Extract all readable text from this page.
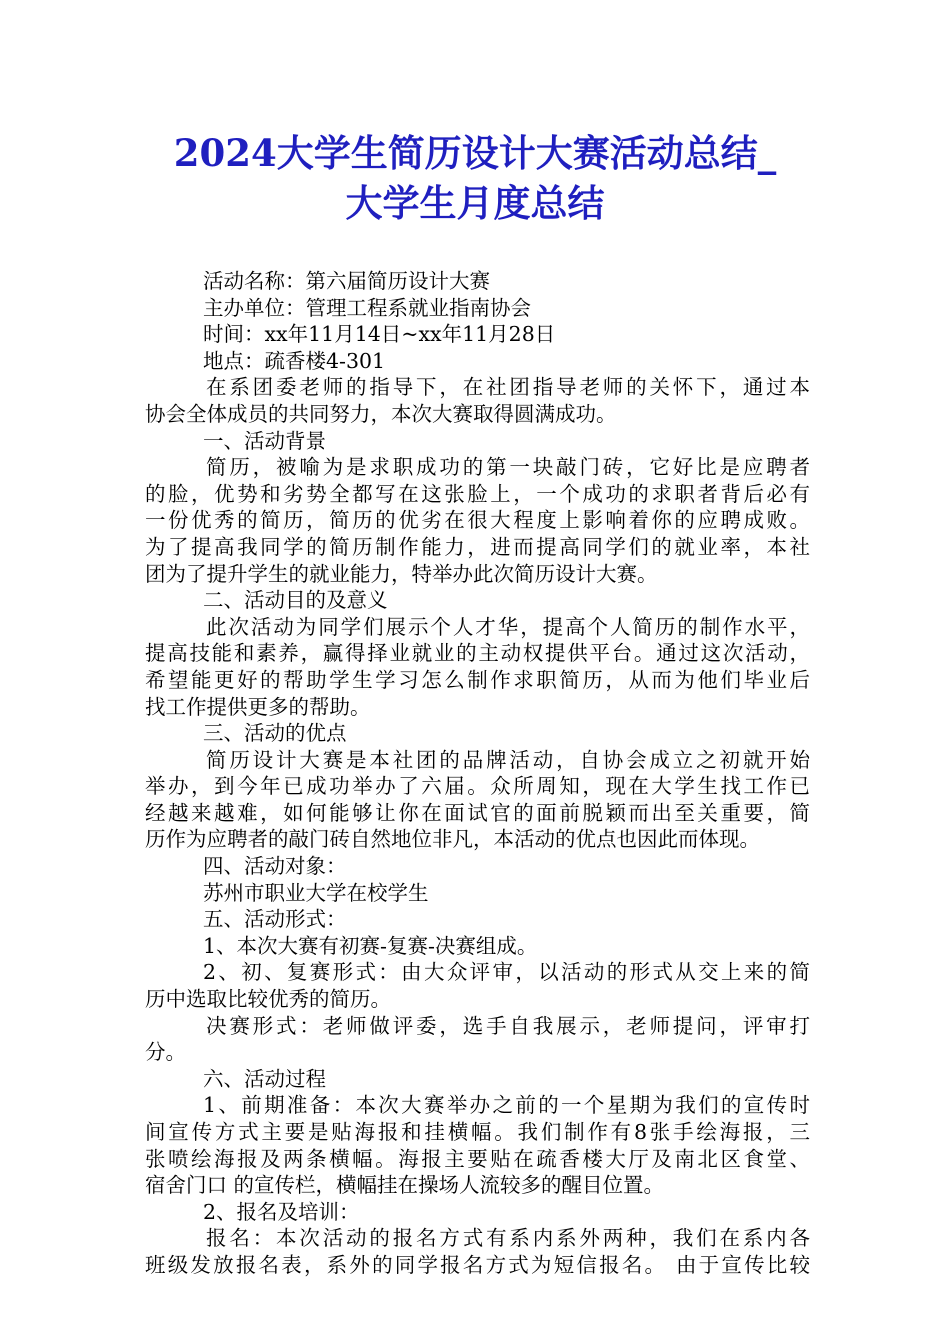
2024大学生简历设计大赛活动总结_
大学生月度总结
活动名称：第六届简历设计大赛
主办单位：管理工程系就业指南协会
时间：xx年11月14日~xx年11月28日
地点：疏香楼4-301
在系团委老师的指导下，在社团指导老师的关怀下，通过本
协会全体成员的共同努力，本次大赛取得圆满成功。
一、活动背景
简历，被喻为是求职成功的第一块敲门砖，它好比是应聘者
的脸，优势和劣势全都写在这张脸上，一个成功的求职者背后必有
一份优秀的简历，简历的优劣在很大程度上影响着你的应聘成败。
为了提高我同学的简历制作能力，进而提高同学们的就业率，本社
团为了提升学生的就业能力，特举办此次简历设计大赛。
二、活动目的及意义
此次活动为同学们展示个人才华，提高个人简历的制作水平，
提高技能和素养，赢得择业就业的主动权提供平台。通过这次活动，
希望能更好的帮助学生学习怎么制作求职简历，从而为他们毕业后
找工作提供更多的帮助。
三、活动的优点
简历设计大赛是本社团的品牌活动，自协会成立之初就开始
举办，到今年已成功举办了六届。众所周知，现在大学生找工作已
经越来越难，如何能够让你在面试官的面前脱颖而出至关重要，简
历作为应聘者的敲门砖自然地位非凡，本活动的优点也因此而体现。
四、活动对象：
苏州市职业大学在校学生
五、活动形式：
1、本次大赛有初赛-复赛-决赛组成。
2、初、复赛形式：由大众评审，以活动的形式从交上来的简
历中选取比较优秀的简历。
决赛形式：老师做评委，选手自我展示，老师提问，评审打
分。
六、活动过程
1、前期准备：本次大赛举办之前的一个星期为我们的宣传时
间宣传方式主要是贴海报和挂横幅。我们制作有8张手绘海报，三
张喷绘海报及两条横幅。海报主要贴在疏香楼大厅及南北区食堂、
宿舍门口 的宣传栏，横幅挂在操场人流较多的醒目位置。
2、报名及培训：
报名：本次活动的报名方式有系内系外两种，我们在系内各
班级发放报名表，系外的同学报名方式为短信报名。 由于宣传比较
